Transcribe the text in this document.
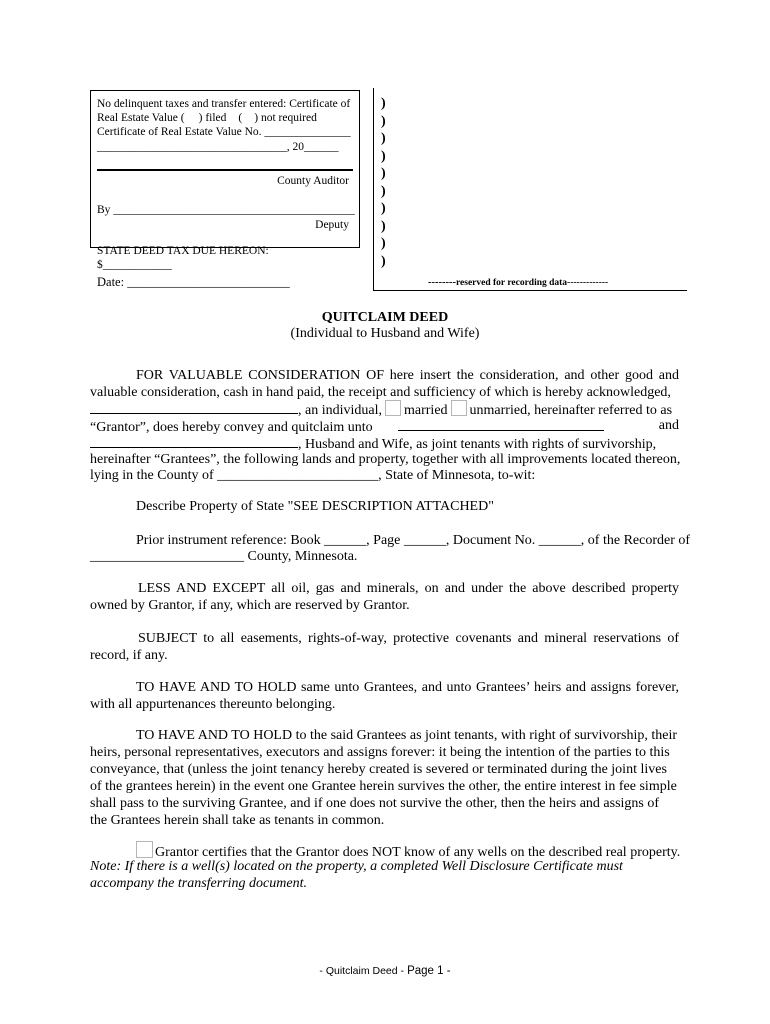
No delinquent taxes and transfer entered: Certificate of
Real Estate Value ( ) filed ( ) not required
Certificate of Real Estate Value No. _______________
_________________________________, 20______
County Auditor
By __________________________________________
Deputy
STATE DEED TAX DUE HEREON:
$____________
Date: __________________________
)
)
)
)
)
)
)
)
)
)
--------reserved for recording data-------------
QUITCLAIM DEED
(Individual to Husband and Wife)
FOR VALUABLE CONSIDERATION OF here insert the consideration, and other good and valuable consideration, cash in hand paid, the receipt and sufficiency of which is hereby acknowledged,
, an individual, married unmarried, hereinafter referred to as
“Grantor”, does hereby convey and quitclaim unto	and
, Husband and Wife, as joint tenants with rights of survivorship,
hereinafter “Grantees”, the following lands and property, together with all improvements located thereon,
lying in the County of _______________________, State of Minnesota, to-wit:
Describe Property of State "SEE DESCRIPTION ATTACHED"
Prior instrument reference: Book ______, Page ______, Document No. ______, of the Recorder of
______________________ County, Minnesota.
LESS AND EXCEPT all oil, gas and minerals, on and under the above described property owned by Grantor, if any, which are reserved by Grantor.
SUBJECT to all easements, rights-of-way, protective covenants and mineral reservations of record, if any.
TO HAVE AND TO HOLD same unto Grantees, and unto Grantees’ heirs and assigns forever, with all appurtenances thereunto belonging.
TO HAVE AND TO HOLD to the said Grantees as joint tenants, with right of survivorship, their heirs, personal representatives, executors and assigns forever: it being the intention of the parties to this conveyance, that (unless the joint tenancy hereby created is severed or terminated during the joint lives of the grantees herein) in the event one Grantee herein survives the other, the entire interest in fee simple shall pass to the surviving Grantee, and if one does not survive the other, then the heirs and assigns of the Grantees herein shall take as tenants in common.
Grantor certifies that the Grantor does NOT know of any wells on the described real property.
Note: If there is a well(s) located on the property, a completed Well Disclosure Certificate must accompany the transferring document.
- Quitclaim Deed - Page 1 -
